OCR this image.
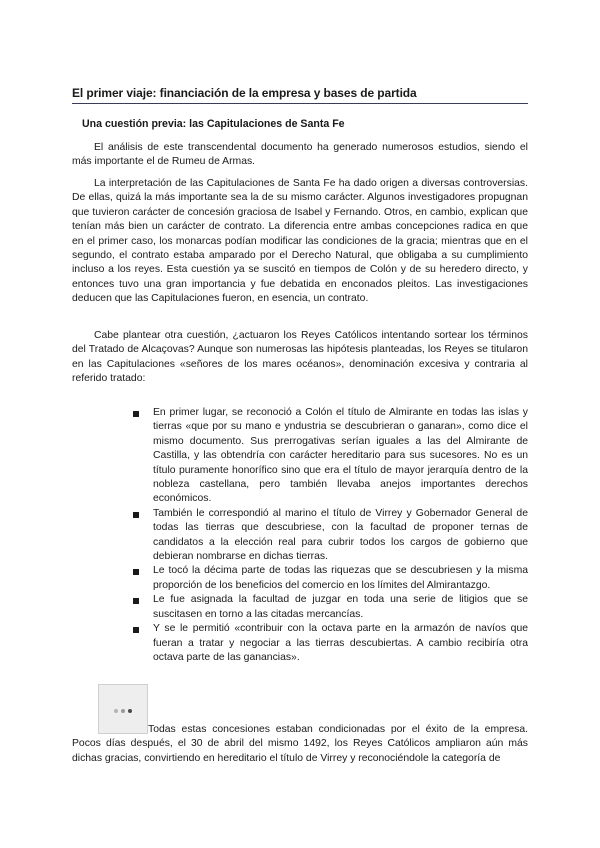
El primer viaje: financiación de la empresa y bases de partida
Una cuestión previa: las Capitulaciones de Santa Fe

El análisis de este transcendental documento ha generado numerosos estudios, siendo el más importante el de Rumeu de Armas.

La interpretación de las Capitulaciones de Santa Fe ha dado origen a diversas controversias. De ellas, quizá la más importante sea la de su mismo carácter. Algunos investigadores propugnan que tuvieron carácter de concesión graciosa de Isabel y Fernando. Otros, en cambio, explican que tenían más bien un carácter de contrato. La diferencia entre ambas concepciones radica en que en el primer caso, los monarcas podían modificar las condiciones de la gracia; mientras que en el segundo, el contrato estaba amparado por el Derecho Natural, que obligaba a su cumplimiento incluso a los reyes. Esta cuestión ya se suscitó en tiempos de Colón y de su heredero directo, y entonces tuvo una gran importancia y fue debatida en enconados pleitos. Las investigaciones deducen que las Capitulaciones fueron, en esencia, un contrato.

Cabe plantear otra cuestión, ¿actuaron los Reyes Católicos intentando sortear los términos del Tratado de Alcaçovas? Aunque son numerosas las hipótesis planteadas, los Reyes se titularon en las Capitulaciones «señores de los mares océanos», denominación excesiva y contraria al referido tratado:

En primer lugar, se reconoció a Colón el título de Almirante en todas las islas y tierras «que por su mano e yndustria se descubrieran o ganaran», como dice el mismo documento. Sus prerrogativas serían iguales a las del Almirante de Castilla, y las obtendría con carácter hereditario para sus sucesores. No es un título puramente honorífico sino que era el título de mayor jerarquía dentro de la nobleza castellana, pero también llevaba anejos importantes derechos económicos.
También le correspondió al marino el título de Virrey y Gobernador General de todas las tierras que descubriese, con la facultad de proponer ternas de candidatos a la elección real para cubrir todos los cargos de gobierno que debieran nombrarse en dichas tierras.
Le tocó la décima parte de todas las riquezas que se descubriesen y la misma proporción de los beneficios del comercio en los límites del Almirantazgo.
Le fue asignada la facultad de juzgar en toda una serie de litigios que se suscitasen en torno a las citadas mercancías.
Y se le permitió «contribuir con la octava parte en la armazón de navíos que fueran a tratar y negociar a las tierras descubiertas. A cambio recibiría otra octava parte de las ganancias».

Todas estas concesiones estaban condicionadas por el éxito de la empresa. Pocos días después, el 30 de abril del mismo 1492, los Reyes Católicos ampliaron aún más dichas gracias, convirtiendo en hereditario el título de Virrey y reconociéndole la categoría de
